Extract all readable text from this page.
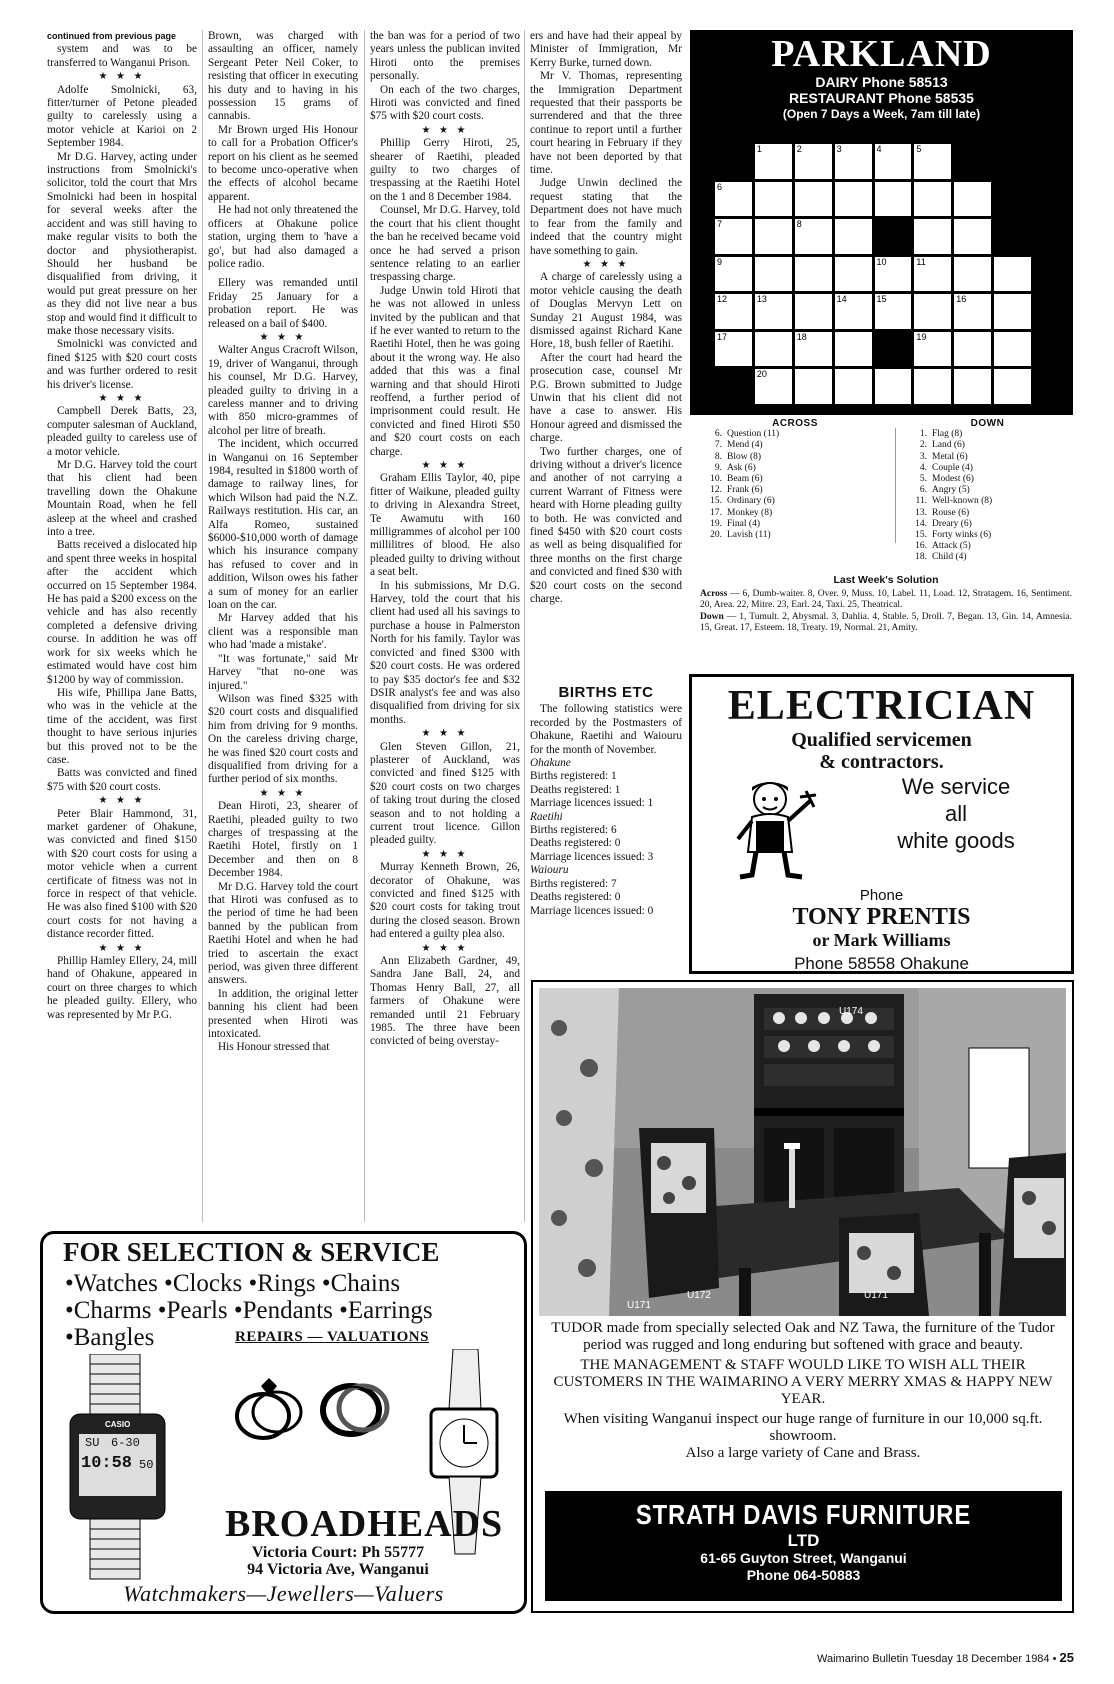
continued from previous page

system and was to be transferred to Wanganui Prison.

★ ★ ★

Adolfe Smolnicki, 63, fitter/turner of Petone pleaded guilty to carelessly using a motor vehicle at Karioi on 2 September 1984.

Mr D.G. Harvey, acting under instructions from Smolnicki's solicitor, told the court that Mrs Smolnicki had been in hospital for several weeks after the accident and was still having to make regular visits to both the doctor and physiotherapist. Should her husband be disqualified from driving, it would put great pressure on her as they did not live near a bus stop and would find it difficult to make those necessary visits.

Smolnicki was convicted and fined $125 with $20 court costs and was further ordered to resit his driver's license.

★ ★ ★

Campbell Derek Batts, 23, computer salesman of Auckland, pleaded guilty to careless use of a motor vehicle.

Mr D.G. Harvey told the court that his client had been travelling down the Ohakune Mountain Road, when he fell asleep at the wheel and crashed into a tree.

Batts received a dislocated hip and spent three weeks in hospital after the accident which occurred on 15 September 1984. He has paid a $200 excess on the vehicle and has also recently completed a defensive driving course. In addition he was off work for six weeks which he estimated would have cost him $1200 by way of commission.

His wife, Phillipa Jane Batts, who was in the vehicle at the time of the accident, was first thought to have serious injuries but this proved not to be the case.

Batts was convicted and fined $75 with $20 court costs.

★ ★ ★

Peter Blair Hammond, 31, market gardener of Ohakune, was convicted and fined $150 with $20 court costs for using a motor vehicle when a current certificate of fitness was not in force in respect of that vehicle. He was also fined $100 with $20 court costs for not having a distance recorder fitted.

★ ★ ★

Phillip Hamley Ellery, 24, mill hand of Ohakune, appeared in court on three charges to which he pleaded guilty. Ellery, who was represented by Mr P.G.

Brown, was charged with assaulting an officer, namely Sergeant Peter Neil Coker, to resisting that officer in executing his duty and to having in his possession 15 grams of cannabis.

Mr Brown urged His Honour to call for a Probation Officer's report on his client as he seemed to become unco-operative when the effects of alcohol became apparent.

He had not only threatened the officers at Ohakune police station, urging them to 'have a go', but had also damaged a police radio.

Ellery was remanded until Friday 25 January for a probation report. He was released on a bail of $400.

★ ★ ★

Walter Angus Cracroft Wilson, 19, driver of Wanganui, through his counsel, Mr D.G. Harvey, pleaded guilty to driving in a careless manner and to driving with 850 micro-grammes of alcohol per litre of breath.

The incident, which occurred in Wanganui on 16 September 1984, resulted in $1800 worth of damage to railway lines, for which Wilson had paid the N.Z. Railways restitution. His car, an Alfa Romeo, sustained $6000-$10,000 worth of damage which his insurance company has refused to cover and in addition, Wilson owes his father a sum of money for an earlier loan on the car.

Mr Harvey added that his client was a responsible man who had 'made a mistake'.

"It was fortunate," said Mr Harvey "that no-one was injured."

Wilson was fined $325 with $20 court costs and disqualified him from driving for 9 months. On the careless driving charge, he was fined $20 court costs and disqualified from driving for a further period of six months.

★ ★ ★

Dean Hiroti, 23, shearer of Raetihi, pleaded guilty to two charges of trespassing at the Raetihi Hotel, firstly on 1 December and then on 8 December 1984.

Mr D.G. Harvey told the court that Hiroti was confused as to the period of time he had been banned by the publican from Raetihi Hotel and when he had tried to ascertain the exact period, was given three different answers.

In addition, the original letter banning his client had been presented when Hiroti was intoxicated.

His Honour stressed that

the ban was for a period of two years unless the publican invited Hiroti onto the premises personally.

On each of the two charges, Hiroti was convicted and fined $75 with $20 court costs.

★ ★ ★

Phillip Gerry Hiroti, 25, shearer of Raetihi, pleaded guilty to two charges of trespassing at the Raetihi Hotel on the 1 and 8 December 1984.

Counsel, Mr D.G. Harvey, told the court that his client thought the ban he received became void once he had served a prison sentence relating to an earlier trespassing charge.

Judge Unwin told Hiroti that he was not allowed in unless invited by the publican and that if he ever wanted to return to the Raetihi Hotel, then he was going about it the wrong way. He also added that this was a final warning and that should Hiroti reoffend, a further period of imprisonment could result. He convicted and fined Hiroti $50 and $20 court costs on each charge.

★ ★ ★

Graham Ellis Taylor, 40, pipe fitter of Waikune, pleaded guilty to driving in Alexandra Street, Te Awamutu with 160 milligrammes of alcohol per 100 millilitres of blood. He also pleaded guilty to driving without a seat belt.

In his submissions, Mr D.G. Harvey, told the court that his client had used all his savings to purchase a house in Palmerston North for his family. Taylor was convicted and fined $300 with $20 court costs. He was ordered to pay $35 doctor's fee and $32 DSIR analyst's fee and was also disqualified from driving for six months.

★ ★ ★

Glen Steven Gillon, 21, plasterer of Auckland, was convicted and fined $125 with $20 court costs on two charges of taking trout during the closed season and to not holding a current trout licence. Gillon pleaded guilty.

★ ★ ★

Murray Kenneth Brown, 26, decorator of Ohakune, was convicted and fined $125 with $20 court costs for taking trout during the closed season. Brown had entered a guilty plea also.

★ ★ ★

Ann Elizabeth Gardner, 49, Sandra Jane Ball, 24, and Thomas Henry Ball, 27, all farmers of Ohakune were remanded until 21 February 1985. The three have been convicted of being overstay-

ers and have had their appeal by Minister of Immigration, Mr Kerry Burke, turned down.

Mr V. Thomas, representing the Immigration Department requested that their passports be surrendered and that the three continue to report until a further court hearing in February if they have not been deported by that time.

Judge Unwin declined the request stating that the Department does not have much to fear from the family and indeed that the country might have something to gain.

★ ★ ★

A charge of carelessly using a motor vehicle causing the death of Douglas Mervyn Lett on Sunday 21 August 1984, was dismissed against Richard Kane Hore, 18, bush feller of Raetihi.

After the court had heard the prosecution case, counsel Mr P.G. Brown submitted to Judge Unwin that his client did not have a case to answer. His Honour agreed and dismissed the charge.

Two further charges, one of driving without a driver's licence and another of not carrying a current Warrant of Fitness were heard with Horne pleading guilty to both. He was convicted and fined $450 with $20 court costs as well as being disqualified for three months on the first charge and convicted and fined $30 with $20 court costs on the second charge.

BIRTHS ETC

The following statistics were recorded by the Postmasters of Ohakune, Raetihi and Waiouru for the month of November.

Ohakune

Births registered: 1

Deaths registered: 1

Marriage licences issued: 1

Raetihi

Births registered: 6

Deaths registered: 0

Marriage licences issued: 3

Waiouru

Births registered: 7

Deaths registered: 0

Marriage licences issued: 0

PARKLAND
DAIRY Phone 58513
RESTAURANT Phone 58535
(Open 7 Days a Week, 7am till late)
1	2	3	4	5
6
7	8
9	10	11
12	13	14	15	16
17	18	19
20
ACROSS
6. Question (11)
7. Mend (4)
8. Blow (8)
9. Ask (6)
10. Beam (6)
12. Frank (6)
15. Ordinary (6)
17. Monkey (8)
19. Final (4)
20. Lavish (11)
DOWN
1. Flag (8)
2. Land (6)
3. Metal (6)
4. Couple (4)
5. Modest (6)
6. Angry (5)
11. Well-known (8)
13. Rouse (6)
14. Dreary (6)
15. Forty winks (6)
16. Attack (5)
18. Child (4)
Last Week's Solution
Across — 6, Dumb-waiter. 8, Over. 9, Muss. 10, Label. 11, Load. 12, Stratagem. 16, Sentiment. 20, Area. 22, Mitre. 23, Earl. 24, Taxi. 25, Theatrical.
Down — 1, Tumult. 2, Abysmal. 3, Dahlia. 4, Stable. 5, Droll. 7, Began. 13, Gin. 14, Amnesia. 15, Great. 17, Esteem. 18, Treaty. 19, Normal. 21, Amity.
ELECTRICIAN
Qualified servicemen
& contractors.
We service
all
white goods
Phone
TONY PRENTIS
or Mark Williams
Phone 58558 Ohakune
U174
U171
U172	U171

TUDOR made from specially selected Oak and NZ Tawa, the furniture of the Tudor period was rugged and long enduring but softened with grace and beauty.

THE MANAGEMENT & STAFF WOULD LIKE TO WISH ALL THEIR CUSTOMERS IN THE WAIMARINO A VERY MERRY XMAS & HAPPY NEW YEAR.

When visiting Wanganui inspect our huge range of furniture in our 10,000 sq.ft. showroom.

Also a large variety of Cane and Brass.

STRATH DAVIS FURNITURE
LTD
61-65 Guyton Street, Wanganui
Phone 064-50883
FOR SELECTION & SERVICE
•Watches •Clocks •Rings •Chains
•Charms •Pearls •Pendants •Earrings
•Bangles	REPAIRS — VALUATIONS
CASIO
SU 6-30
10:58 50
BROADHEADS
Victoria Court: Ph 55777
94 Victoria Ave, Wanganui
Watchmakers—Jewellers—Valuers
Waimarino Bulletin Tuesday 18 December 1984 • 25
